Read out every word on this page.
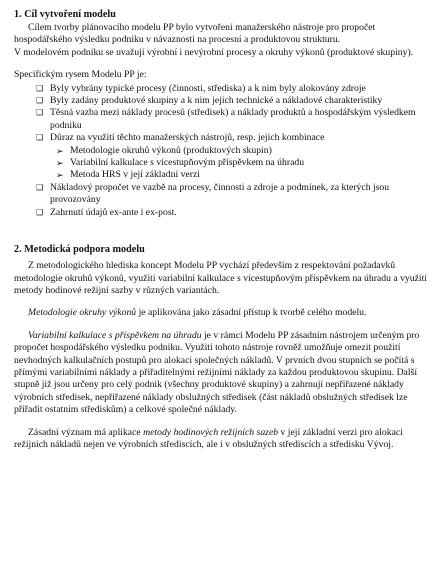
1. Cíl vytvoření modelu

Cílem tvorby plánovacího modelu PP bylo vytvoření manažerského nástroje pro propočet hospodářského výsledku podniku v návaznosti na procesní a produktovou strukturu.
V modelovém podniku se uvažují výrobní i nevýrobní procesy a okruhy výkonů (produktové skupiny).

Specifickým rysem Modelu PP je:

❑ Byly vybrány typické procesy (činnosti, střediska) a k nim byly alokovány zdroje
❑ Byly zadány produktové skupiny a k nim jejich technické a nákladové charakteristiky
❑ Těsná vazba mezi náklady procesů (středisek) a náklady produktů a hospodářským výsledkem podniku
❑ Důraz na využití těchto manažerských nástrojů, resp. jejich kombinace
➢ Metodologie okruhů výkonů (produktových skupin)
➢ Variabilní kalkulace s vícestupňovým příspěvkem na úhradu
➢ Metoda HRS v její základní verzi
❑ Nákladový propočet ve vazbě na procesy, činnosti a zdroje a podmínek, za kterých jsou provozovány
❑ Zahrnutí údajů ex-ante i ex-post.
2. Metodická podpora modelu

Z metodologického hlediska koncept Modelu PP vychází především z respektování požadavků metodologie okruhů výkonů, využití variabilní kalkulace s vícestupňovým příspěvkem na úhradu a využití metody hodinové režijní sazby v různých variantách.

Metodologie okruhy výkonů je aplikována jako zásadní přístup k tvorbě celého modelu.

Variabilní kalkulace s příspěvkem na úhradu je v rámci Modelu PP zásadním nástrojem určeným pro propočet hospodářského výsledku podniku. Využití tohoto nástroje rovněž umožňuje omezit použití nevhodných kalkulačních postupů pro alokaci společných nákladů. V prvních dvou stupních se počítá s přímými variabilními náklady a přiřaditelnými režijními náklady za každou produktovou skupinu. Další stupně již jsou určeny pro celý podnik (všechny produktové skupiny) a zahrnují nepřiřazené náklady výrobních středisek, nepřiřazené náklady obslužných středisek (část nákladů obslužných středisek lze přiřadit ostatním střediskům) a celkové společné náklady.

Zásadní význam má aplikace metody hodinových režijních sazeb v její základní verzi pro alokaci režijních nákladů nejen ve výrobních střediscích, ale i v obslužných střediscích a středisku Vývoj.
